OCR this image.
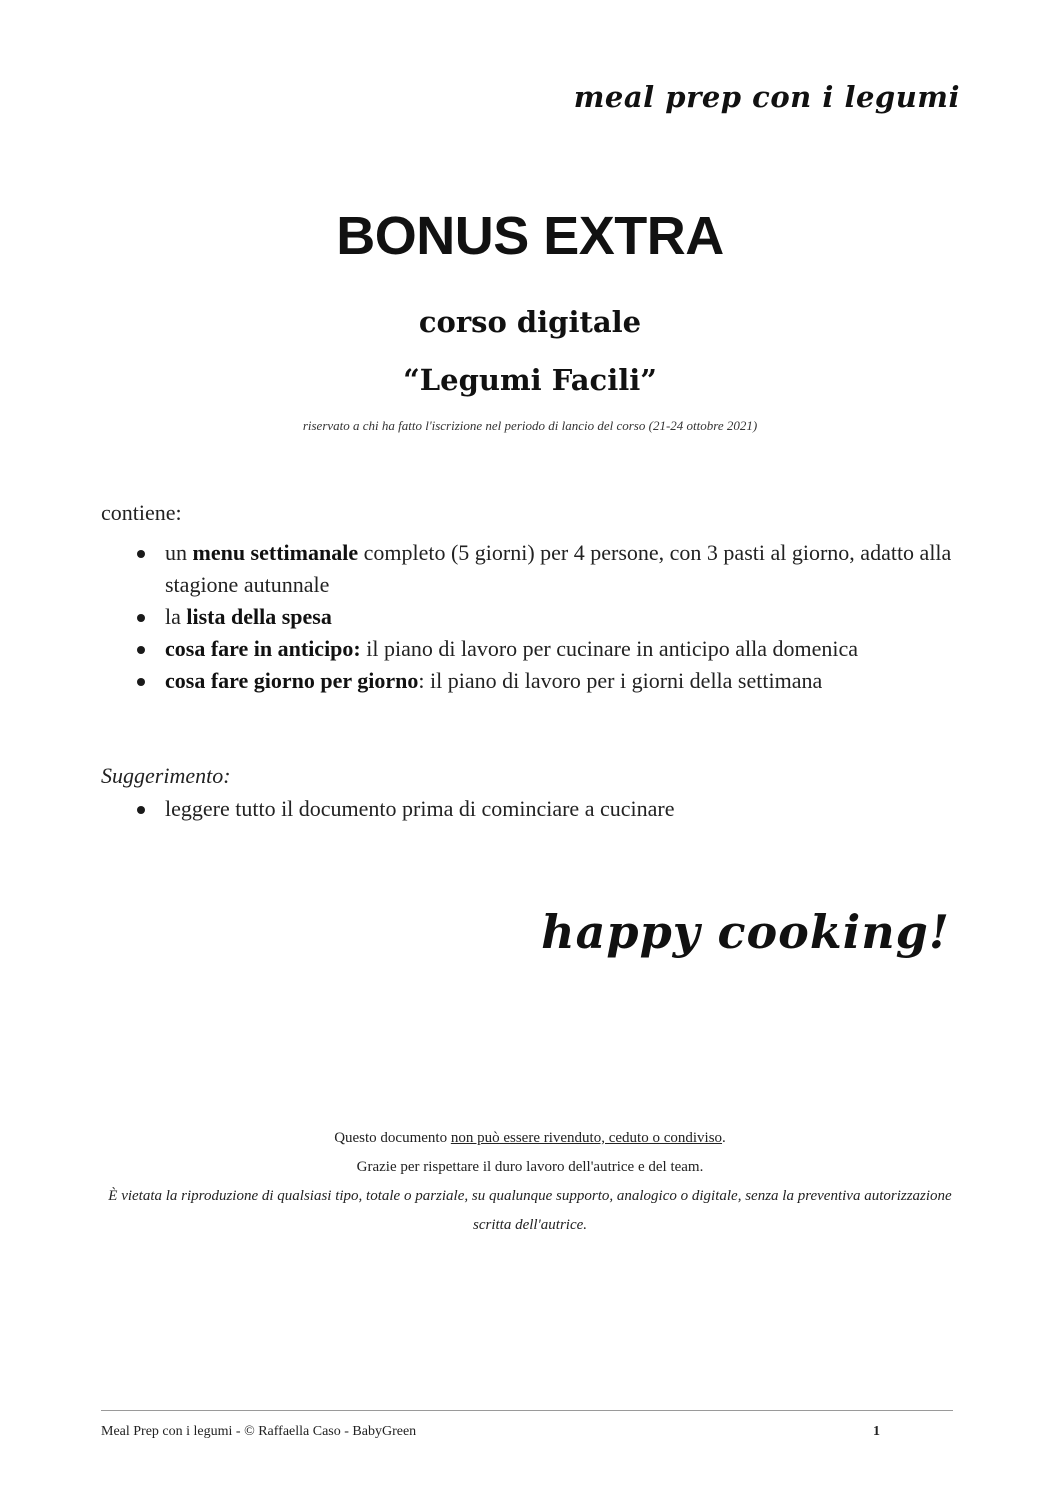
meal prep con i legumi
BONUS EXTRA
corso digitale
“Legumi Facili”
riservato a chi ha fatto l'iscrizione nel periodo di lancio del corso (21-24 ottobre 2021)
contiene:
un menu settimanale completo (5 giorni) per 4 persone, con 3 pasti al giorno, adatto alla stagione autunnale
la lista della spesa
cosa fare in anticipo: il piano di lavoro per cucinare in anticipo alla domenica
cosa fare giorno per giorno: il piano di lavoro per i giorni della settimana
Suggerimento:
leggere tutto il documento prima di cominciare a cucinare
happy cooking!
Questo documento non può essere rivenduto, ceduto o condiviso.
Grazie per rispettare il duro lavoro dell'autrice e del team.
È vietata la riproduzione di qualsiasi tipo, totale o parziale, su qualunque supporto, analogico o digitale, senza la preventiva autorizzazione scritta dell'autrice.
Meal Prep con i legumi - © Raffaella Caso - BabyGreen	1
